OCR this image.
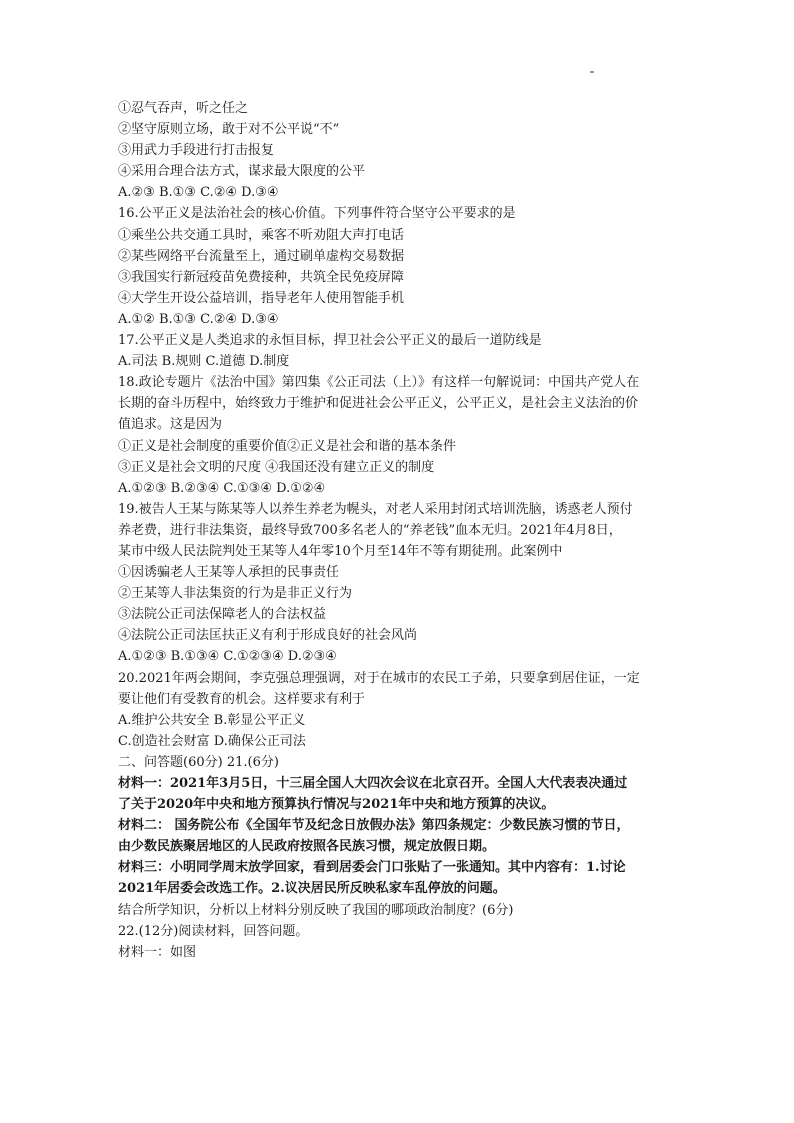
①忍气吞声，听之任之
②坚守原则立场，敢于对不公平说“不”
③用武力手段进行打击报复
④采用合理合法方式，谋求最大限度的公平
A.②③ B.①③ C.②④ D.③④
16.公平正义是法治社会的核心价值。下列事件符合坚守公平要求的是
①乘坐公共交通工具时，乘客不听劝阻大声打电话
②某些网络平台流量至上，通过刷单虚构交易数据
③我国实行新冠疫苗免费接种，共筑全民免疫屏障
④大学生开设公益培训，指导老年人使用智能手机
A.①② B.①③ C.②④ D.③④
17.公平正义是人类追求的永恒目标，捍卫社会公平正义的最后一道防线是
A.司法 B.规则 C.道德 D.制度
18.政论专题片《法治中国》第四集《公正司法（上）》有这样一句解说词：中国共产党人在
长期的奋斗历程中，始终致力于维护和促进社会公平正义，公平正义，是社会主义法治的价
值追求。这是因为
①正义是社会制度的重要价值②正义是社会和谐的基本条件
③正义是社会文明的尺度 ④我国还没有建立正义的制度
A.①②③ B.②③④ C.①③④ D.①②④
19.被告人王某与陈某等人以养生养老为幌头，对老人采用封闭式培训洗脑，诱惑老人预付
养老费，进行非法集资，最终导致700多名老人的“养老钱”血本无归。2021年4月8日，
某市中级人民法院判处王某等人4年零10个月至14年不等有期徒刑。此案例中
①因诱骗老人王某等人承担的民事责任
②王某等人非法集资的行为是非正义行为
③法院公正司法保障老人的合法权益
④法院公正司法匡扶正义有利于形成良好的社会风尚
A.①②③ B.①③④ C.①②③④ D.②③④
20.2021年两会期间，李克强总理强调，对于在城市的农民工子弟，只要拿到居住证，一定
要让他们有受教育的机会。这样要求有利于
A.维护公共安全 B.彰显公平正义
C.创造社会财富 D.确保公正司法
二、问答题(60分) 21.(6分)
材料一：2021年3月5日，十三届全国人大四次会议在北京召开。全国人大代表表决通过
了关于2020年中央和地方预算执行情况与2021年中央和地方预算的决议。
材料二： 国务院公布《全国年节及纪念日放假办法》第四条规定：少数民族习惯的节日，
由少数民族聚居地区的人民政府按照各民族习惯，规定放假日期。
材料三：小明同学周末放学回家，看到居委会门口张贴了一张通知。其中内容有：1.讨论
2021年居委会改选工作。2.议决居民所反映私家车乱停放的问题。
结合所学知识，分析以上材料分别反映了我国的哪项政治制度？(6分)
22.(12分)阅读材料，回答问题。
材料一：如图
